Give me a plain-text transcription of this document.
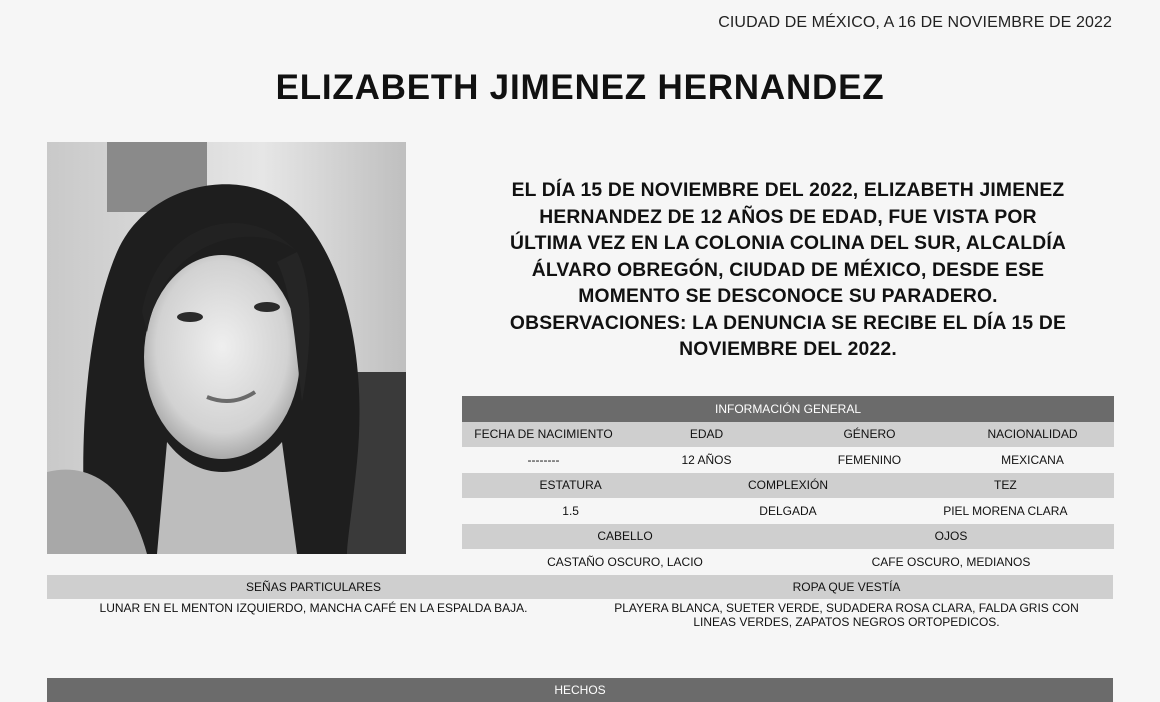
CIUDAD DE MÉXICO, A 16 DE NOVIEMBRE DE 2022
ELIZABETH JIMENEZ HERNANDEZ
EL DÍA 15 DE NOVIEMBRE DEL 2022, ELIZABETH JIMENEZ
HERNANDEZ DE 12 AÑOS DE EDAD, FUE VISTA POR
ÚLTIMA VEZ EN LA COLONIA COLINA DEL SUR, ALCALDÍA
ÁLVARO OBREGÓN, CIUDAD DE MÉXICO, DESDE ESE
MOMENTO SE DESCONOCE SU PARADERO.
OBSERVACIONES: LA DENUNCIA SE RECIBE EL DÍA 15 DE
NOVIEMBRE DEL 2022.
INFORMACIÓN GENERAL					
FECHA DE NACIMIENTO	EDAD		GÉNERO		NACIONALIDAD
--------	12 AÑOS		FEMENINO		MEXICANA
ESTATURA		COMPLEXIÓN		TEZ	
1.5		DELGADA		PIEL MORENA CLARA	
CABELLO			OJOS		
CASTAÑO OSCURO, LACIO			CAFE OSCURO, MEDIANOS		
SEÑAS PARTICULARES	ROPA QUE VESTÍA
LUNAR EN EL MENTON IZQUIERDO, MANCHA CAFÉ EN LA ESPALDA BAJA.	PLAYERA BLANCA, SUETER VERDE, SUDADERA ROSA CLARA, FALDA GRIS CON
LINEAS VERDES, ZAPATOS NEGROS ORTOPEDICOS.
HECHOS
